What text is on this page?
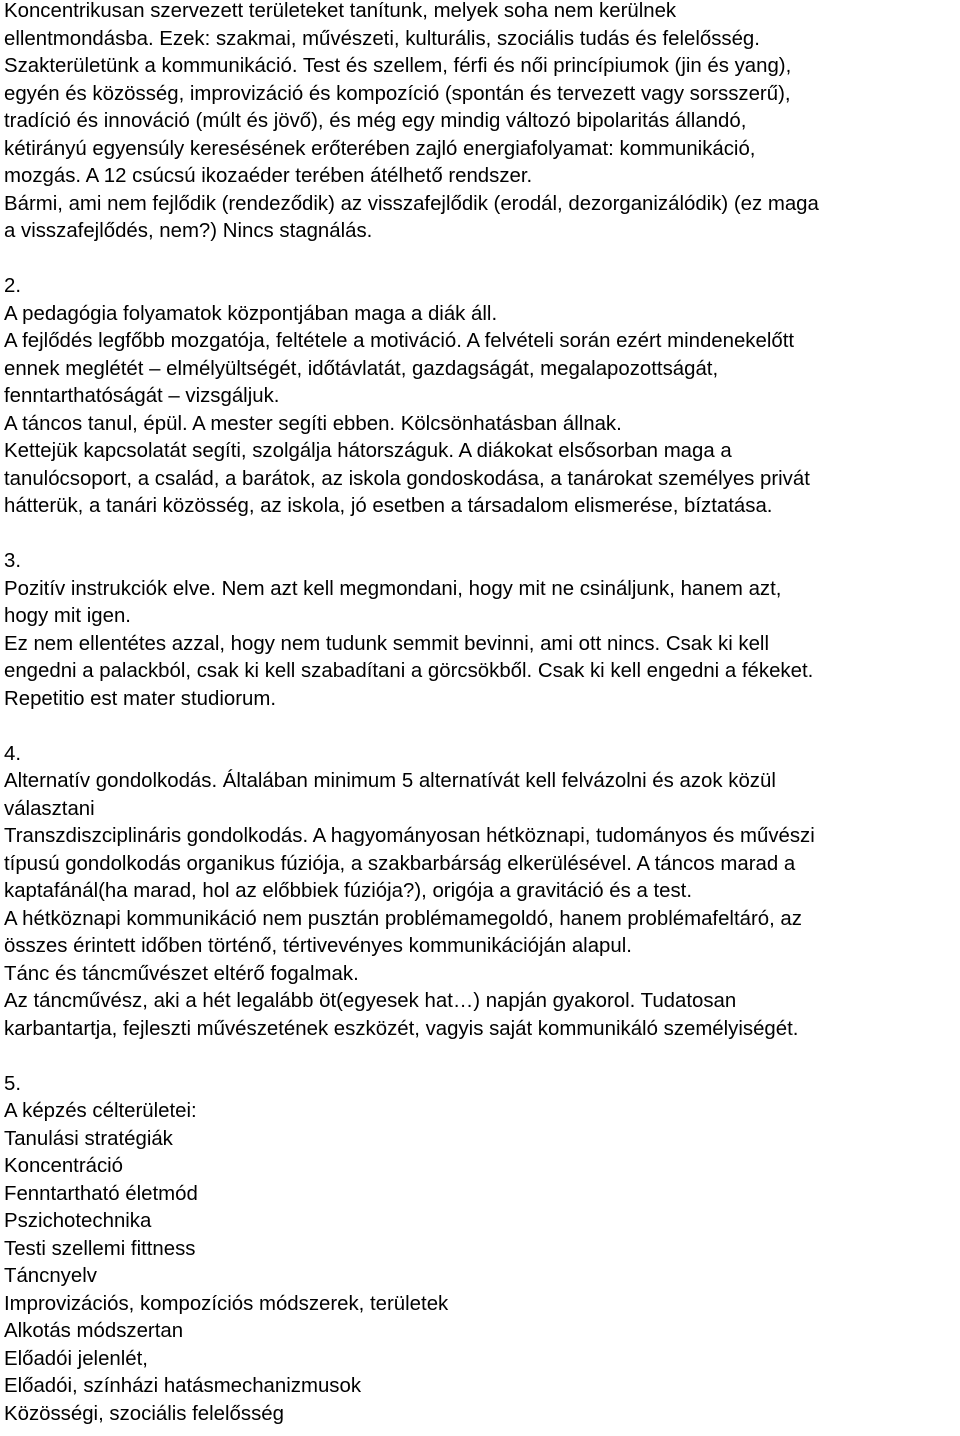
Koncentrikusan szervezett területeket tanítunk, melyek soha nem kerülnek
ellentmondásba. Ezek: szakmai, művészeti, kulturális, szociális tudás és felelősség.
Szakterületünk a kommunikáció. Test és szellem, férfi és női princípiumok (jin és yang),
egyén és közösség, improvizáció és kompozíció (spontán és tervezett vagy sorsszerű),
tradíció és innováció (múlt és jövő), és még egy mindig változó bipolaritás állandó,
kétirányú egyensúly keresésének erőterében zajló energiafolyamat: kommunikáció,
mozgás. A 12 csúcsú ikozaéder terében átélhető rendszer.
Bármi, ami nem fejlődik (rendeződik) az visszafejlődik (erodál, dezorganizálódik) (ez maga
a visszafejlődés, nem?) Nincs stagnálás.
2.
A pedagógia folyamatok központjában maga a diák áll.
A fejlődés legfőbb mozgatója, feltétele a motiváció. A felvételi során ezért mindenekelőtt
ennek meglétét – elmélyültségét, időtávlatát, gazdagságát, megalapozottságát,
fenntarthatóságát – vizsgáljuk.
A táncos tanul, épül. A mester segíti ebben. Kölcsönhatásban állnak.
Kettejük kapcsolatát segíti, szolgálja hátországuk. A diákokat elsősorban maga a
tanulócsoport, a család, a barátok, az iskola gondoskodása, a tanárokat személyes privát
hátterük, a tanári közösség, az iskola, jó esetben a társadalom elismerése, bíztatása.
3.
Pozitív instrukciók elve. Nem azt kell megmondani, hogy mit ne csináljunk, hanem azt,
hogy mit igen.
Ez nem ellentétes azzal, hogy nem tudunk semmit bevinni, ami ott nincs. Csak ki kell
engedni a palackból, csak ki kell szabadítani a görcsökből. Csak ki kell engedni a fékeket.
Repetitio est mater studiorum.
4.
Alternatív gondolkodás. Általában minimum 5 alternatívát kell felvázolni és azok közül
választani
Transzdiszciplináris gondolkodás. A hagyományosan hétköznapi, tudományos és művészi
típusú gondolkodás organikus fúziója, a szakbarbárság elkerülésével. A táncos marad a
kaptafánál(ha marad, hol az előbbiek fúziója?), origója a gravitáció és a test.
A hétköznapi kommunikáció nem pusztán problémamegoldó, hanem problémafeltáró, az
összes érintett időben történő, tértivevényes kommunikációján alapul.
Tánc és táncművészet eltérő fogalmak.
Az táncművész, aki a hét legalább öt(egyesek hat…) napján gyakorol. Tudatosan
karbantartja, fejleszti művészetének eszközét, vagyis saját kommunikáló személyiségét.
5.
A képzés célterületei:
Tanulási stratégiák
Koncentráció
Fenntartható életmód
Pszichotechnika
Testi szellemi fittness
Táncnyelv
Improvizációs, kompozíciós módszerek, területek
Alkotás módszertan
Előadói jelenlét,
Előadói, színházi hatásmechanizmusok
Közösségi, szociális felelősség
